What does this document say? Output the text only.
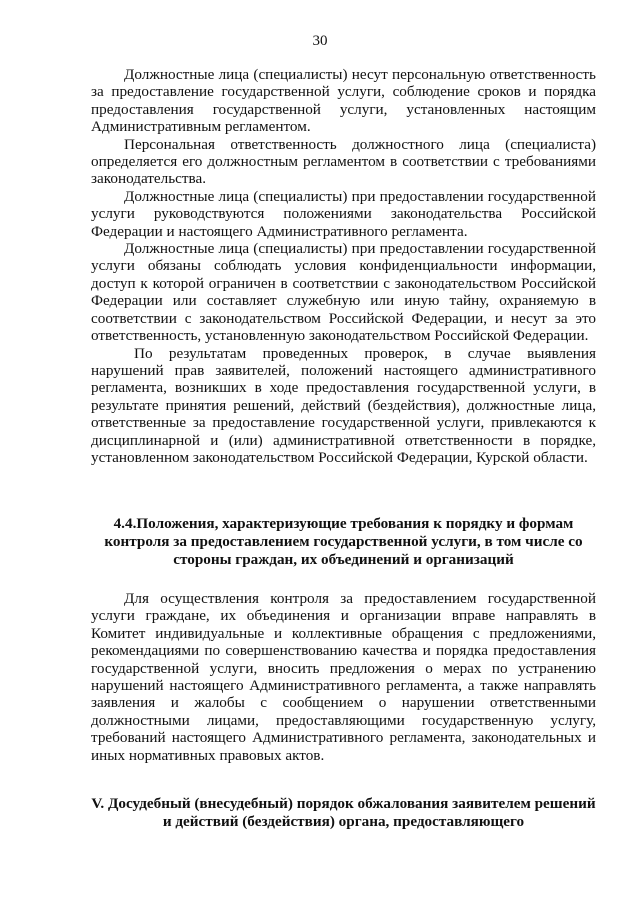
30

Должностные лица (специалисты) несут персональную ответственность за предоставление государственной услуги, соблюдение сроков и порядка предоставления государственной услуги, установленных настоящим Административным регламентом.

Персональная ответственность должностного лица (специалиста) определяется его должностным регламентом в соответствии с требованиями законодательства.

Должностные лица (специалисты) при предоставлении государственной услуги руководствуются положениями законодательства Российской Федерации и настоящего Административного регламента.

Должностные лица (специалисты) при предоставлении государственной услуги обязаны соблюдать условия конфиденциальности информации, доступ к которой ограничен в соответствии с законодательством Российской Федерации или составляет служебную или иную тайну, охраняемую в соответствии с законодательством Российской Федерации, и несут за это ответственность, установленную законодательством Российской Федерации.

По результатам проведенных проверок, в случае выявления нарушений прав заявителей, положений настоящего административного регламента, возникших в ходе предоставления государственной услуги, в результате принятия решений, действий (бездействия), должностные лица, ответственные за предоставление государственной услуги, привлекаются к дисциплинарной и (или) административной ответственности в порядке, установленном законодательством Российской Федерации, Курской области.

4.4.Положения, характеризующие требования к порядку и формам контроля за предоставлением государственной услуги, в том числе со стороны граждан, их объединений и организаций

Для осуществления контроля за предоставлением государственной услуги граждане, их объединения и организации вправе направлять в Комитет индивидуальные и коллективные обращения с предложениями, рекомендациями по совершенствованию качества и порядка предоставления государственной услуги, вносить предложения о мерах по устранению нарушений настоящего Административного регламента, а также направлять заявления и жалобы с сообщением о нарушении ответственными должностными лицами, предоставляющими государственную услугу, требований настоящего Административного регламента, законодательных и иных нормативных правовых актов.

V. Досудебный (внесудебный) порядок обжалования заявителем решений и действий (бездействия) органа, предоставляющего
